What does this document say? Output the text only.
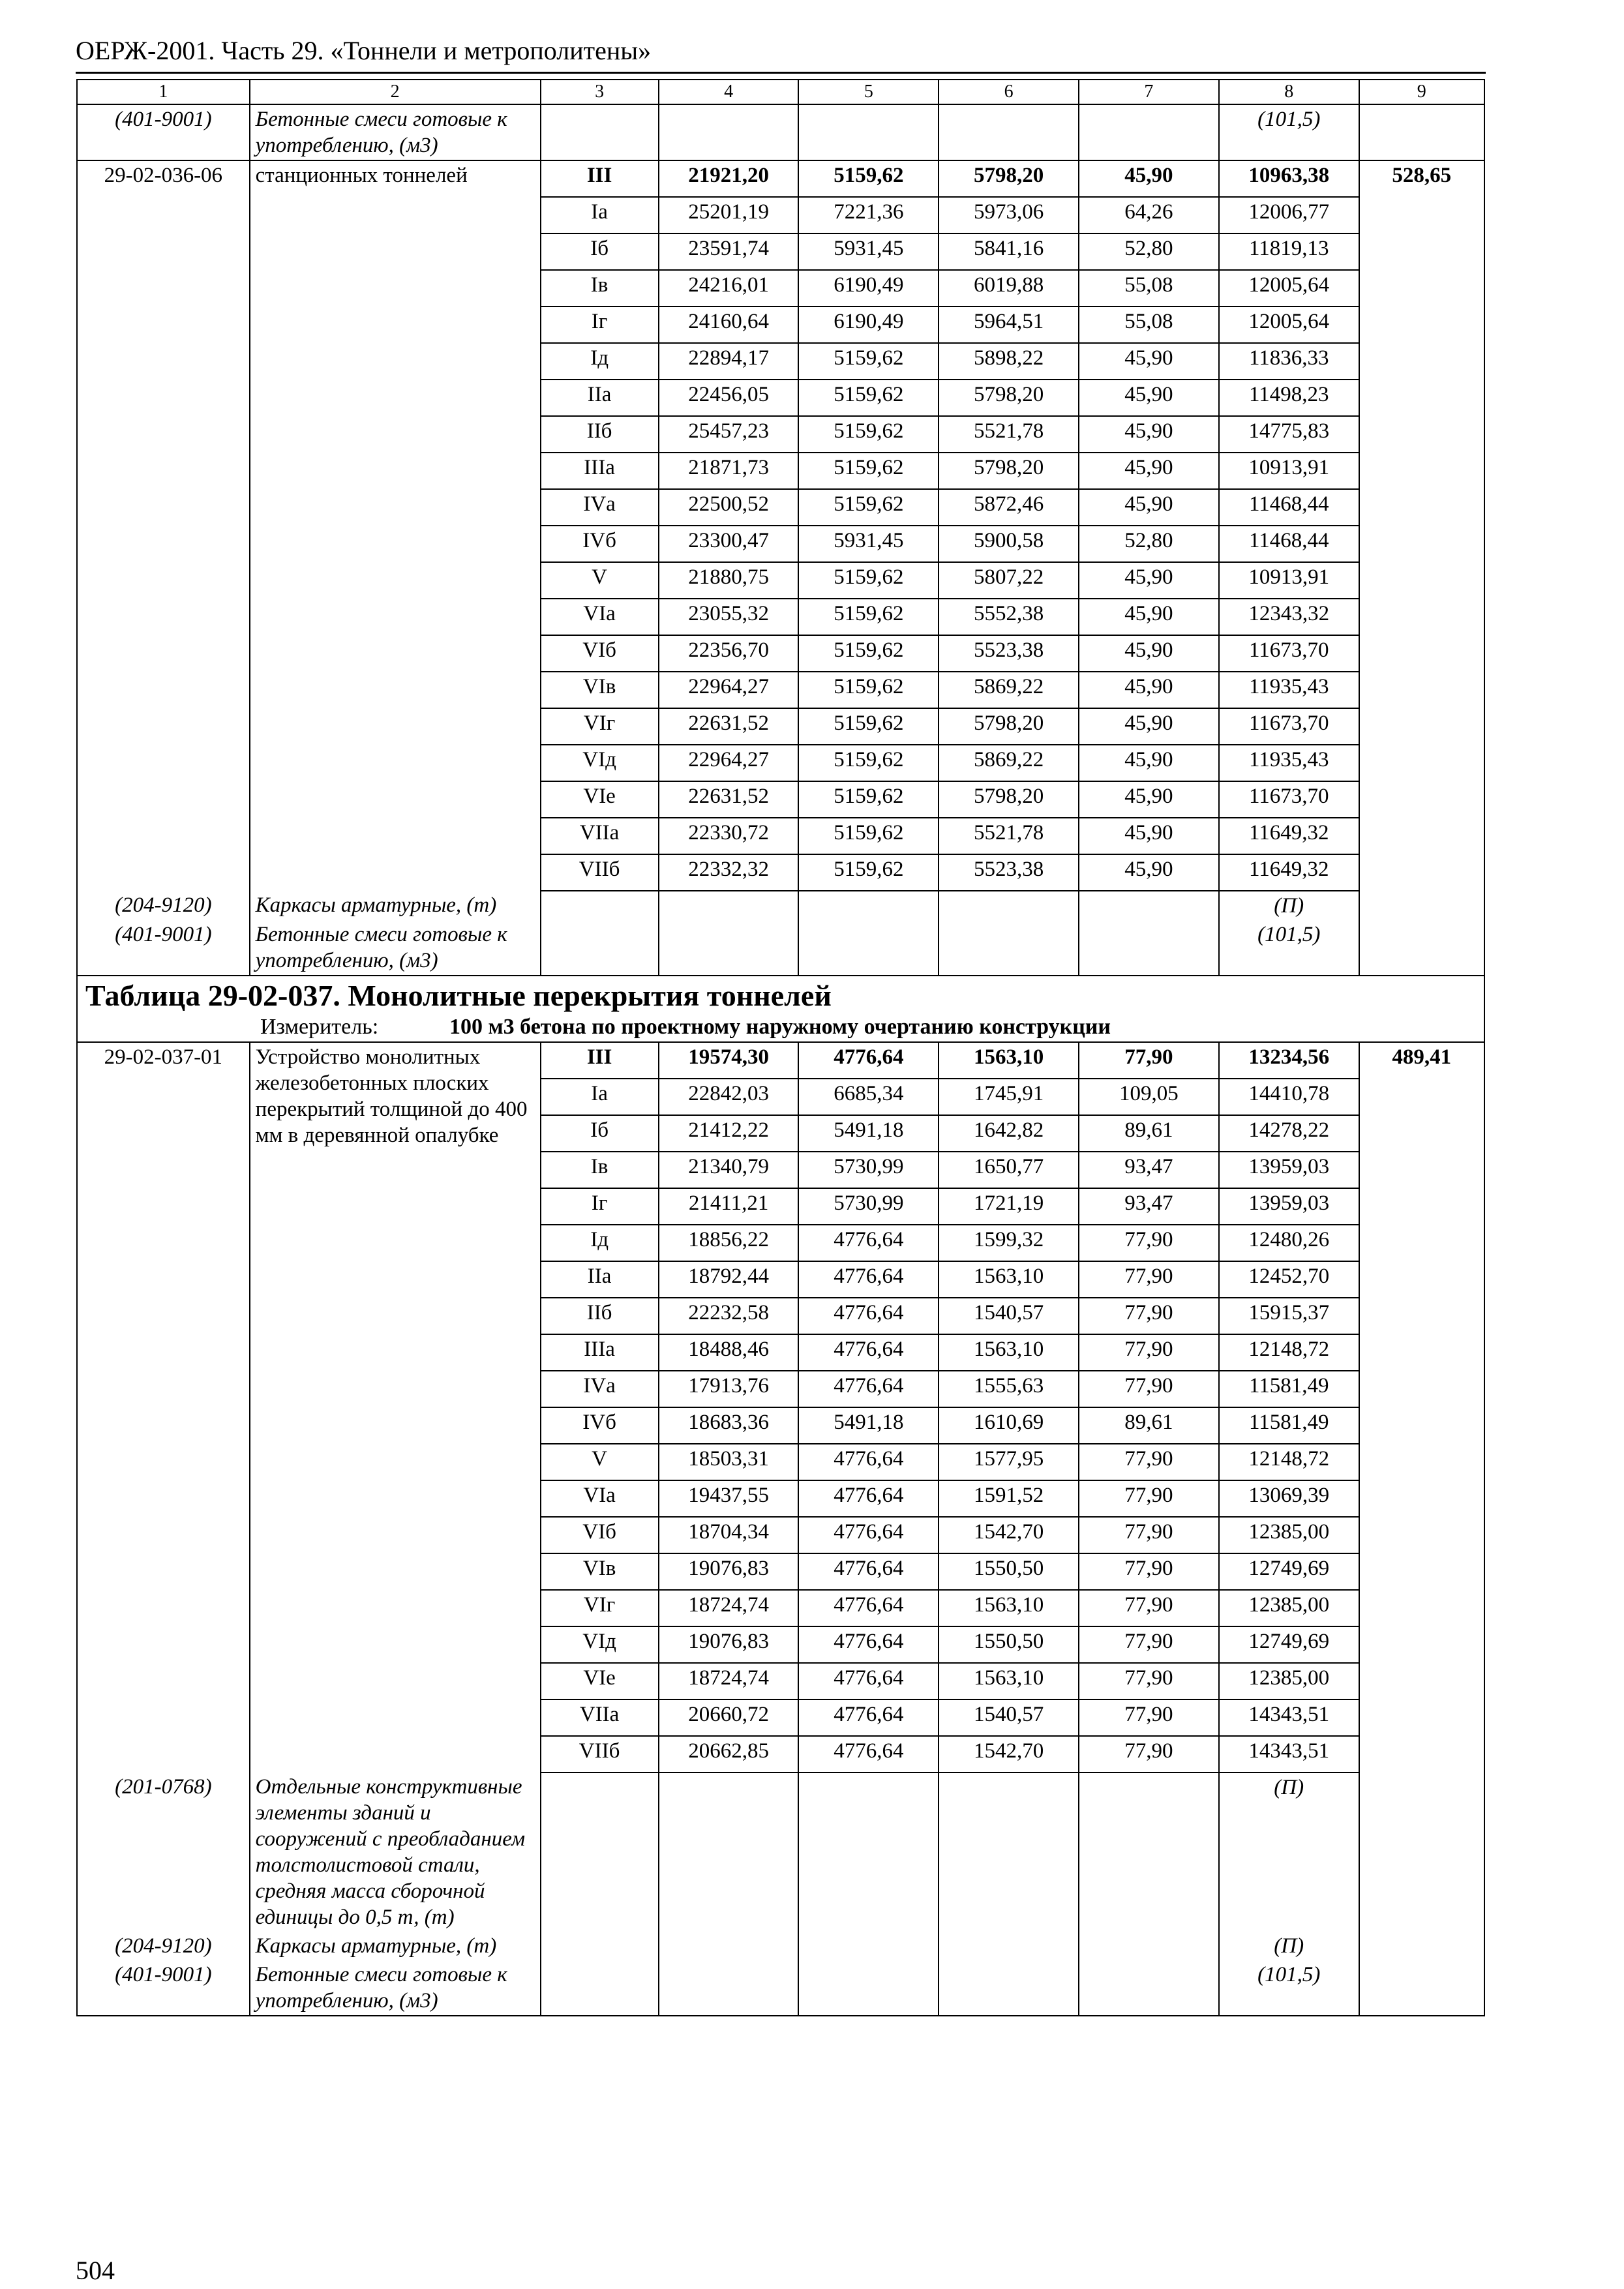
ОЕРЖ-2001. Часть 29. «Тоннели и метрополитены»
1	2	3	4	5	6	7	8	9
(401-9001)	Бетонные смеси готовые к употреблению, (м3)						(101,5)	
29-02-036-06	станционных тоннелей	III	21921,20	5159,62	5798,20	45,90	10963,38	528,65
		Iа	25201,19	7221,36	5973,06	64,26	12006,77	
		Iб	23591,74	5931,45	5841,16	52,80	11819,13	
		Iв	24216,01	6190,49	6019,88	55,08	12005,64	
		Iг	24160,64	6190,49	5964,51	55,08	12005,64	
		Iд	22894,17	5159,62	5898,22	45,90	11836,33	
		IIа	22456,05	5159,62	5798,20	45,90	11498,23	
		IIб	25457,23	5159,62	5521,78	45,90	14775,83	
		IIIа	21871,73	5159,62	5798,20	45,90	10913,91	
		IVа	22500,52	5159,62	5872,46	45,90	11468,44	
		IVб	23300,47	5931,45	5900,58	52,80	11468,44	
		V	21880,75	5159,62	5807,22	45,90	10913,91	
		VIа	23055,32	5159,62	5552,38	45,90	12343,32	
		VIб	22356,70	5159,62	5523,38	45,90	11673,70	
		VIв	22964,27	5159,62	5869,22	45,90	11935,43	
		VIг	22631,52	5159,62	5798,20	45,90	11673,70	
		VIд	22964,27	5159,62	5869,22	45,90	11935,43	
		VIе	22631,52	5159,62	5798,20	45,90	11673,70	
		VIIа	22330,72	5159,62	5521,78	45,90	11649,32	
		VIIб	22332,32	5159,62	5523,38	45,90	11649,32	
(204-9120)	Каркасы арматурные, (т)						(П)	
(401-9001)	Бетонные смеси готовые к употреблению, (м3)						(101,5)	

Таблица 29-02-037. Монолитные перекрытия тоннелей
Измеритель: 100 м3 бетона по проектному наружному очертанию конструкции								

29-02-037-01	Устройство монолитных железобетонных плоских перекрытий толщиной до 400 мм в деревянной опалубке	III	19574,30	4776,64	1563,10	77,90	13234,56	489,41
		Iа	22842,03	6685,34	1745,91	109,05	14410,78	
		Iб	21412,22	5491,18	1642,82	89,61	14278,22	
		Iв	21340,79	5730,99	1650,77	93,47	13959,03	
		Iг	21411,21	5730,99	1721,19	93,47	13959,03	
		Iд	18856,22	4776,64	1599,32	77,90	12480,26	
		IIа	18792,44	4776,64	1563,10	77,90	12452,70	
		IIб	22232,58	4776,64	1540,57	77,90	15915,37	
		IIIа	18488,46	4776,64	1563,10	77,90	12148,72	
		IVа	17913,76	4776,64	1555,63	77,90	11581,49	
		IVб	18683,36	5491,18	1610,69	89,61	11581,49	
		V	18503,31	4776,64	1577,95	77,90	12148,72	
		VIа	19437,55	4776,64	1591,52	77,90	13069,39	
		VIб	18704,34	4776,64	1542,70	77,90	12385,00	
		VIв	19076,83	4776,64	1550,50	77,90	12749,69	
		VIг	18724,74	4776,64	1563,10	77,90	12385,00	
		VIд	19076,83	4776,64	1550,50	77,90	12749,69	
		VIе	18724,74	4776,64	1563,10	77,90	12385,00	
		VIIа	20660,72	4776,64	1540,57	77,90	14343,51	
		VIIб	20662,85	4776,64	1542,70	77,90	14343,51	
(201-0768)	Отдельные конструктивные элементы зданий и сооружений с преобладанием толстолистовой стали, средняя масса сборочной единицы до 0,5 т, (т)						(П)	
(204-9120)	Каркасы арматурные, (т)						(П)	
(401-9001)	Бетонные смеси готовые к употреблению, (м3)						(101,5)	
504
